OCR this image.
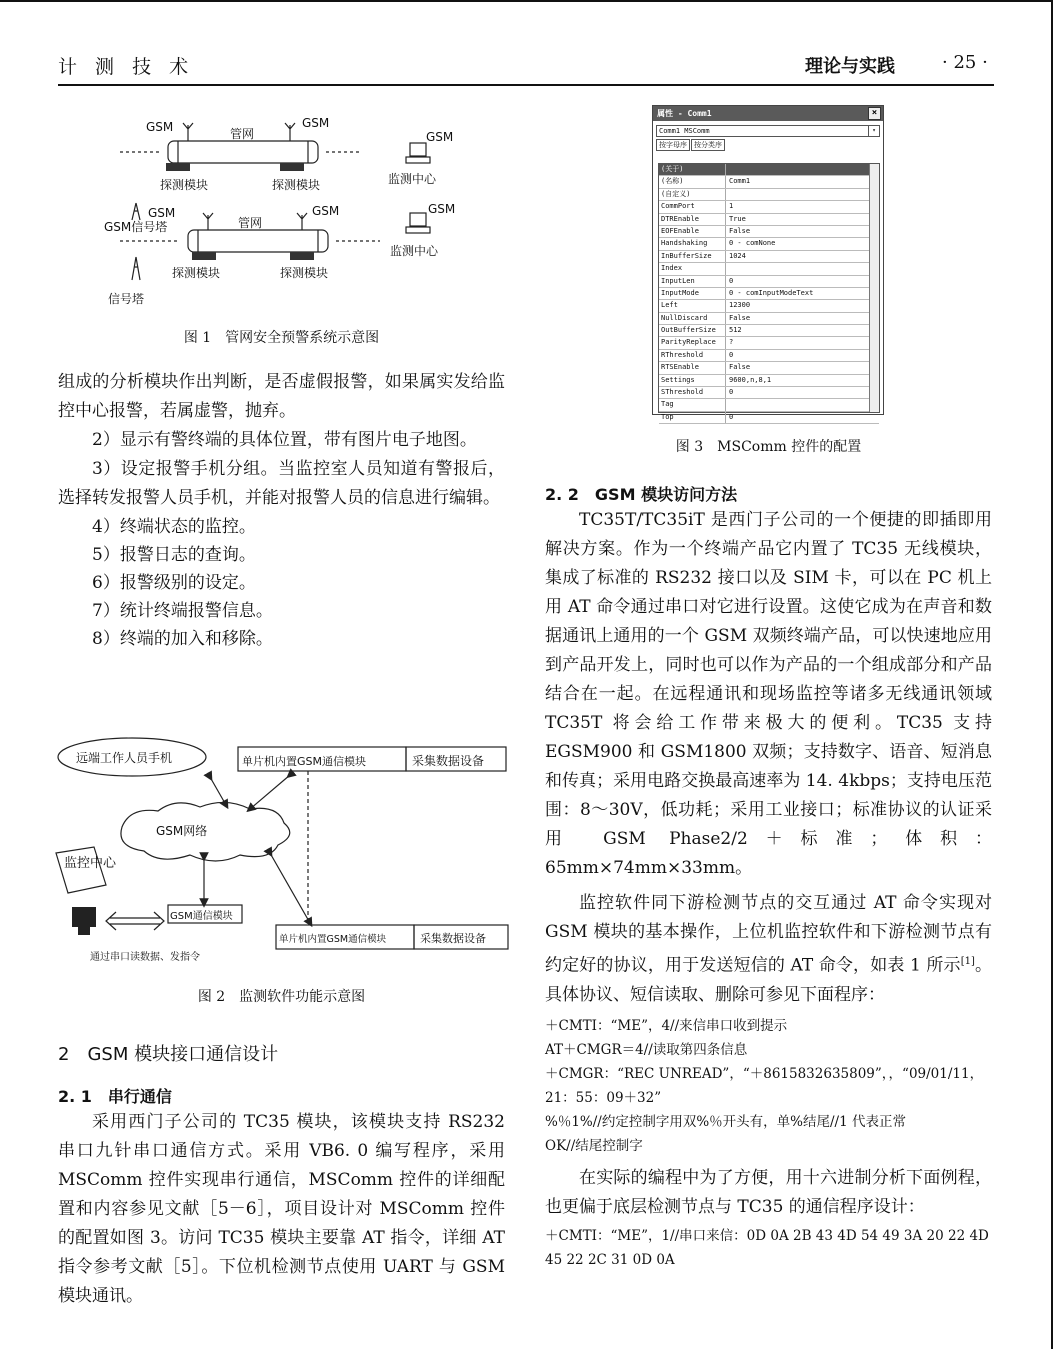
计 测 技 术	理论与实践	· 25 ·
GSM	管网
GSM
GSM
探测模块	探测模块	监测中心
GSM
GSM信号塔	管网
GSM	GSM
监测中心
探测模块	探测模块
信号塔
图 1　管网安全预警系统示意图

组成的分析模块作出判断，是否虚假报警，如果属实发给监控中心报警，若属虚警，抛弃。

2）显示有警终端的具体位置，带有图片电子地图。

3）设定报警手机分组。当监控室人员知道有警报后，选择转发报警人员手机，并能对报警人员的信息进行编辑。

4）终端状态的监控。

5）报警日志的查询。

6）报警级别的设定。

7）统计终端报警信息。

8）终端的加入和移除。

远端工作人员手机	单片机内置GSM通信模块	采集数据设备
GSM网络
监控中心
GSM通信模块
单片机内置GSM通信模块	采集数据设备
通过串口读数据、发指令
图 2　监测软件功能示意图
2　GSM 模块接口通信设计
2. 1　串行通信

采用西门子公司的 TC35 模块，该模块支持 RS232 串口九针串口通信方式。采用 VB6. 0 编写程序，采用 MSComm 控件实现串行通信，MSComm 控件的详细配置和内容参见文献［5－6］，项目设计对 MSComm 控件的配置如图 3。访问 TC35 模块主要靠 AT 指令，详细 AT 指令参考文献［5］。下位机检测节点使用 UART 与 GSM 模块通讯。

属性 - Comm1	×
Comm1 MSComm	▾
按字母序 按分类序
(关于)
(名称)	Comm1
(自定义)
CommPort	1
DTREnable	True
EOFEnable	False
Handshaking	0 - comNone
InBufferSize 1024
Index
InputLen	0
InputMode	0 - comInputModeText
Left	12300
NullDiscard	False
OutBufferSize 512
ParityReplace ?
RThreshold	0
RTSEnable	False
Settings	9600,n,8,1
SThreshold	0
Tag
Top	0
图 3　MSComm 控件的配置
2. 2　GSM 模块访问方法

TC35T/TC35iT 是西门子公司的一个便捷的即插即用解决方案。作为一个终端产品它内置了 TC35 无线模块，集成了标准的 RS232 接口以及 SIM 卡，可以在 PC 机上用 AT 命令通过串口对它进行设置。这使它成为在声音和数据通讯上通用的一个 GSM 双频终端产品，可以快速地应用到产品开发上，同时也可以作为产品的一个组成部分和产品结合在一起。在远程通讯和现场监控等诸多无线通讯领域 TC35T 将会给工作带来极大的便利。TC35 支持 EGSM900 和 GSM1800 双频；支持数字、语音、短消息和传真；采用电路交换最高速率为 14. 4kbps；支持电压范围：8～30V，低功耗；采用工业接口；标准协议的认证采用 GSM Phase2/2＋标准；体积：65mm×74mm×33mm。

监控软件同下游检测节点的交互通过 AT 命令实现对 GSM 模块的基本操作，上位机监控软件和下游检测节点有约定好的协议，用于发送短信的 AT 命令，如表 1 所示[1]。具体协议、短信读取、删除可参见下面程序：

＋CMTI：“ME”，4//来信串口收到提示

AT＋CMGR＝4//读取第四条信息

＋CMGR：“REC UNREAD”，“＋8615832635809”，，“09/01/11，21：55：09＋32”

%％1%//约定控制字用双%％开头有，单%结尾//1 代表正常

OK//结尾控制字

在实际的编程中为了方便，用十六进制分析下面例程，也更偏于底层检测节点与 TC35 的通信程序设计：

＋CMTI：“ME”，1//串口来信：0D 0A 2B 43 4D 54 49 3A 20 22 4D 45 22 2C 31 0D 0A
